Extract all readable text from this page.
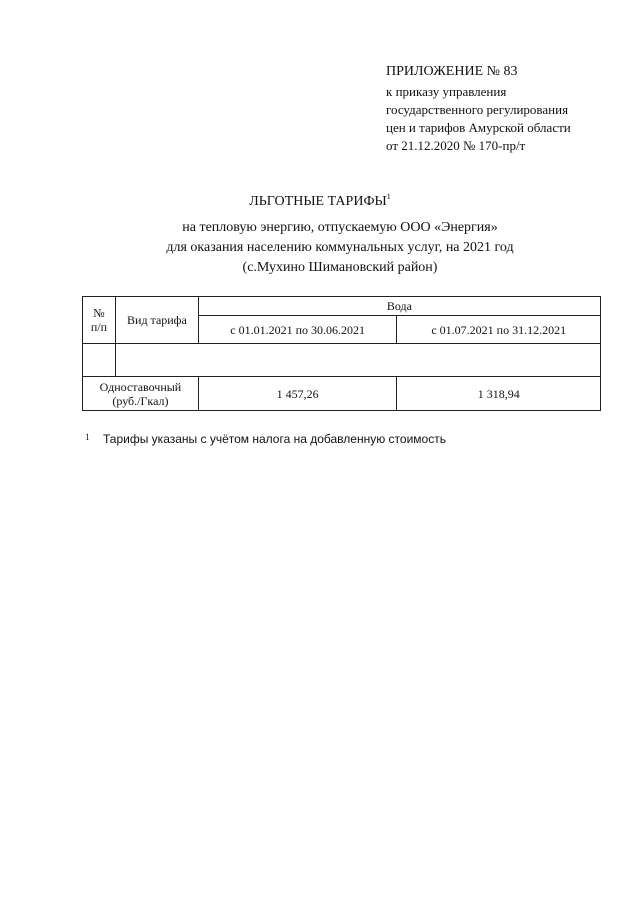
ПРИЛОЖЕНИЕ № 83
к приказу управления
государственного регулирования
цен и тарифов Амурской области
от 21.12.2020 № 170-пр/т
ЛЬГОТНЫЕ ТАРИФЫ$^1$
на тепловую энергию, отпускаемую ООО «Энергия»
для оказания населению коммунальных услуг, на 2021 год
(с.Мухино Шимановский район)
№
п/п	Вид тарифа	Вода	
		с 01.01.2021 по 30.06.2021	с 01.07.2021 по 31.12.2021

Одноставочный
(руб./Гкал)		1 457,26	1 318,94
1 Тарифы указаны с учётом налога на добавленную стоимость
